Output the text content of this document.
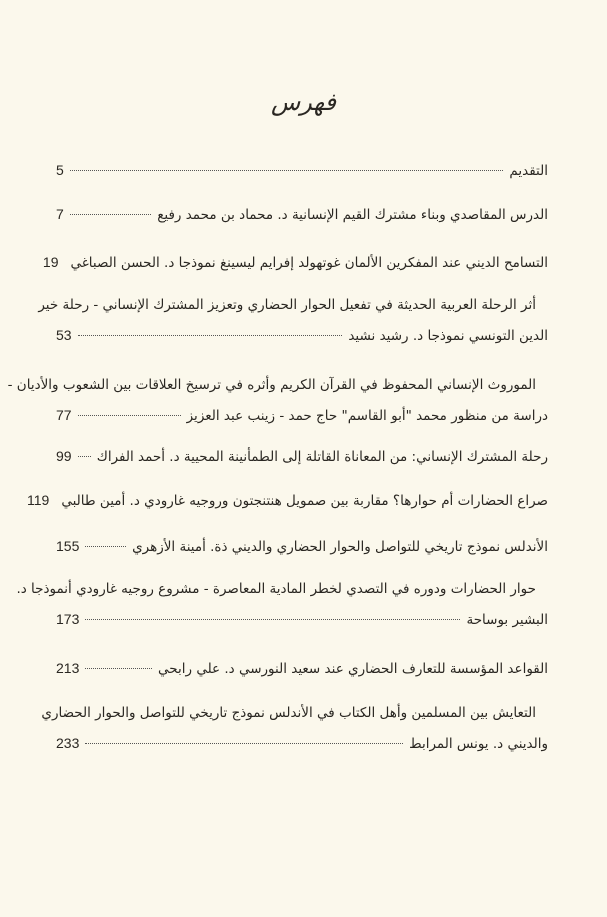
فهرس
التقديم
5
الدرس المقاصدي وبناء مشترك القيم الإنسانية د. محماد بن محمد رفيع
7
التسامح الديني عند المفكرين الألمان غوتهولد إفرايم ليسينغ نموذجا د. الحسن الصباغي
19
أثر الرحلة العربية الحديثة في تفعيل الحوار الحضاري وتعزيز المشترك الإنساني - رحلة خير
الدين التونسي نموذجا د. رشيد نشيد
53
الموروث الإنساني المحفوظ في القرآن الكريم وأثره في ترسيخ العلاقات بين الشعوب والأديان -
دراسة من منظور محمد "أبو القاسم" حاج حمد - زينب عبد العزيز
77
رحلة المشترك الإنساني: من المعاناة القاتلة إلى الطمأنينة المحيية د. أحمد الفراك
99
صراع الحضارات أم حوارها؟ مقاربة بين صمويل هنتنجتون وروجيه غارودي د. أمين طالبي
119
الأندلس نموذج تاريخي للتواصل والحوار الحضاري والديني ذة. أمينة الأزهري
155
حوار الحضارات ودوره في التصدي لخطر المادية المعاصرة - مشروع روجيه غارودي أنموذجا د.
البشير بوساحة
173
القواعد المؤسسة للتعارف الحضاري عند سعيد النورسي د. علي رابحي
213
التعايش بين المسلمين وأهل الكتاب في الأندلس نموذج تاريخي للتواصل والحوار الحضاري
والديني د. يونس المرابط
233
